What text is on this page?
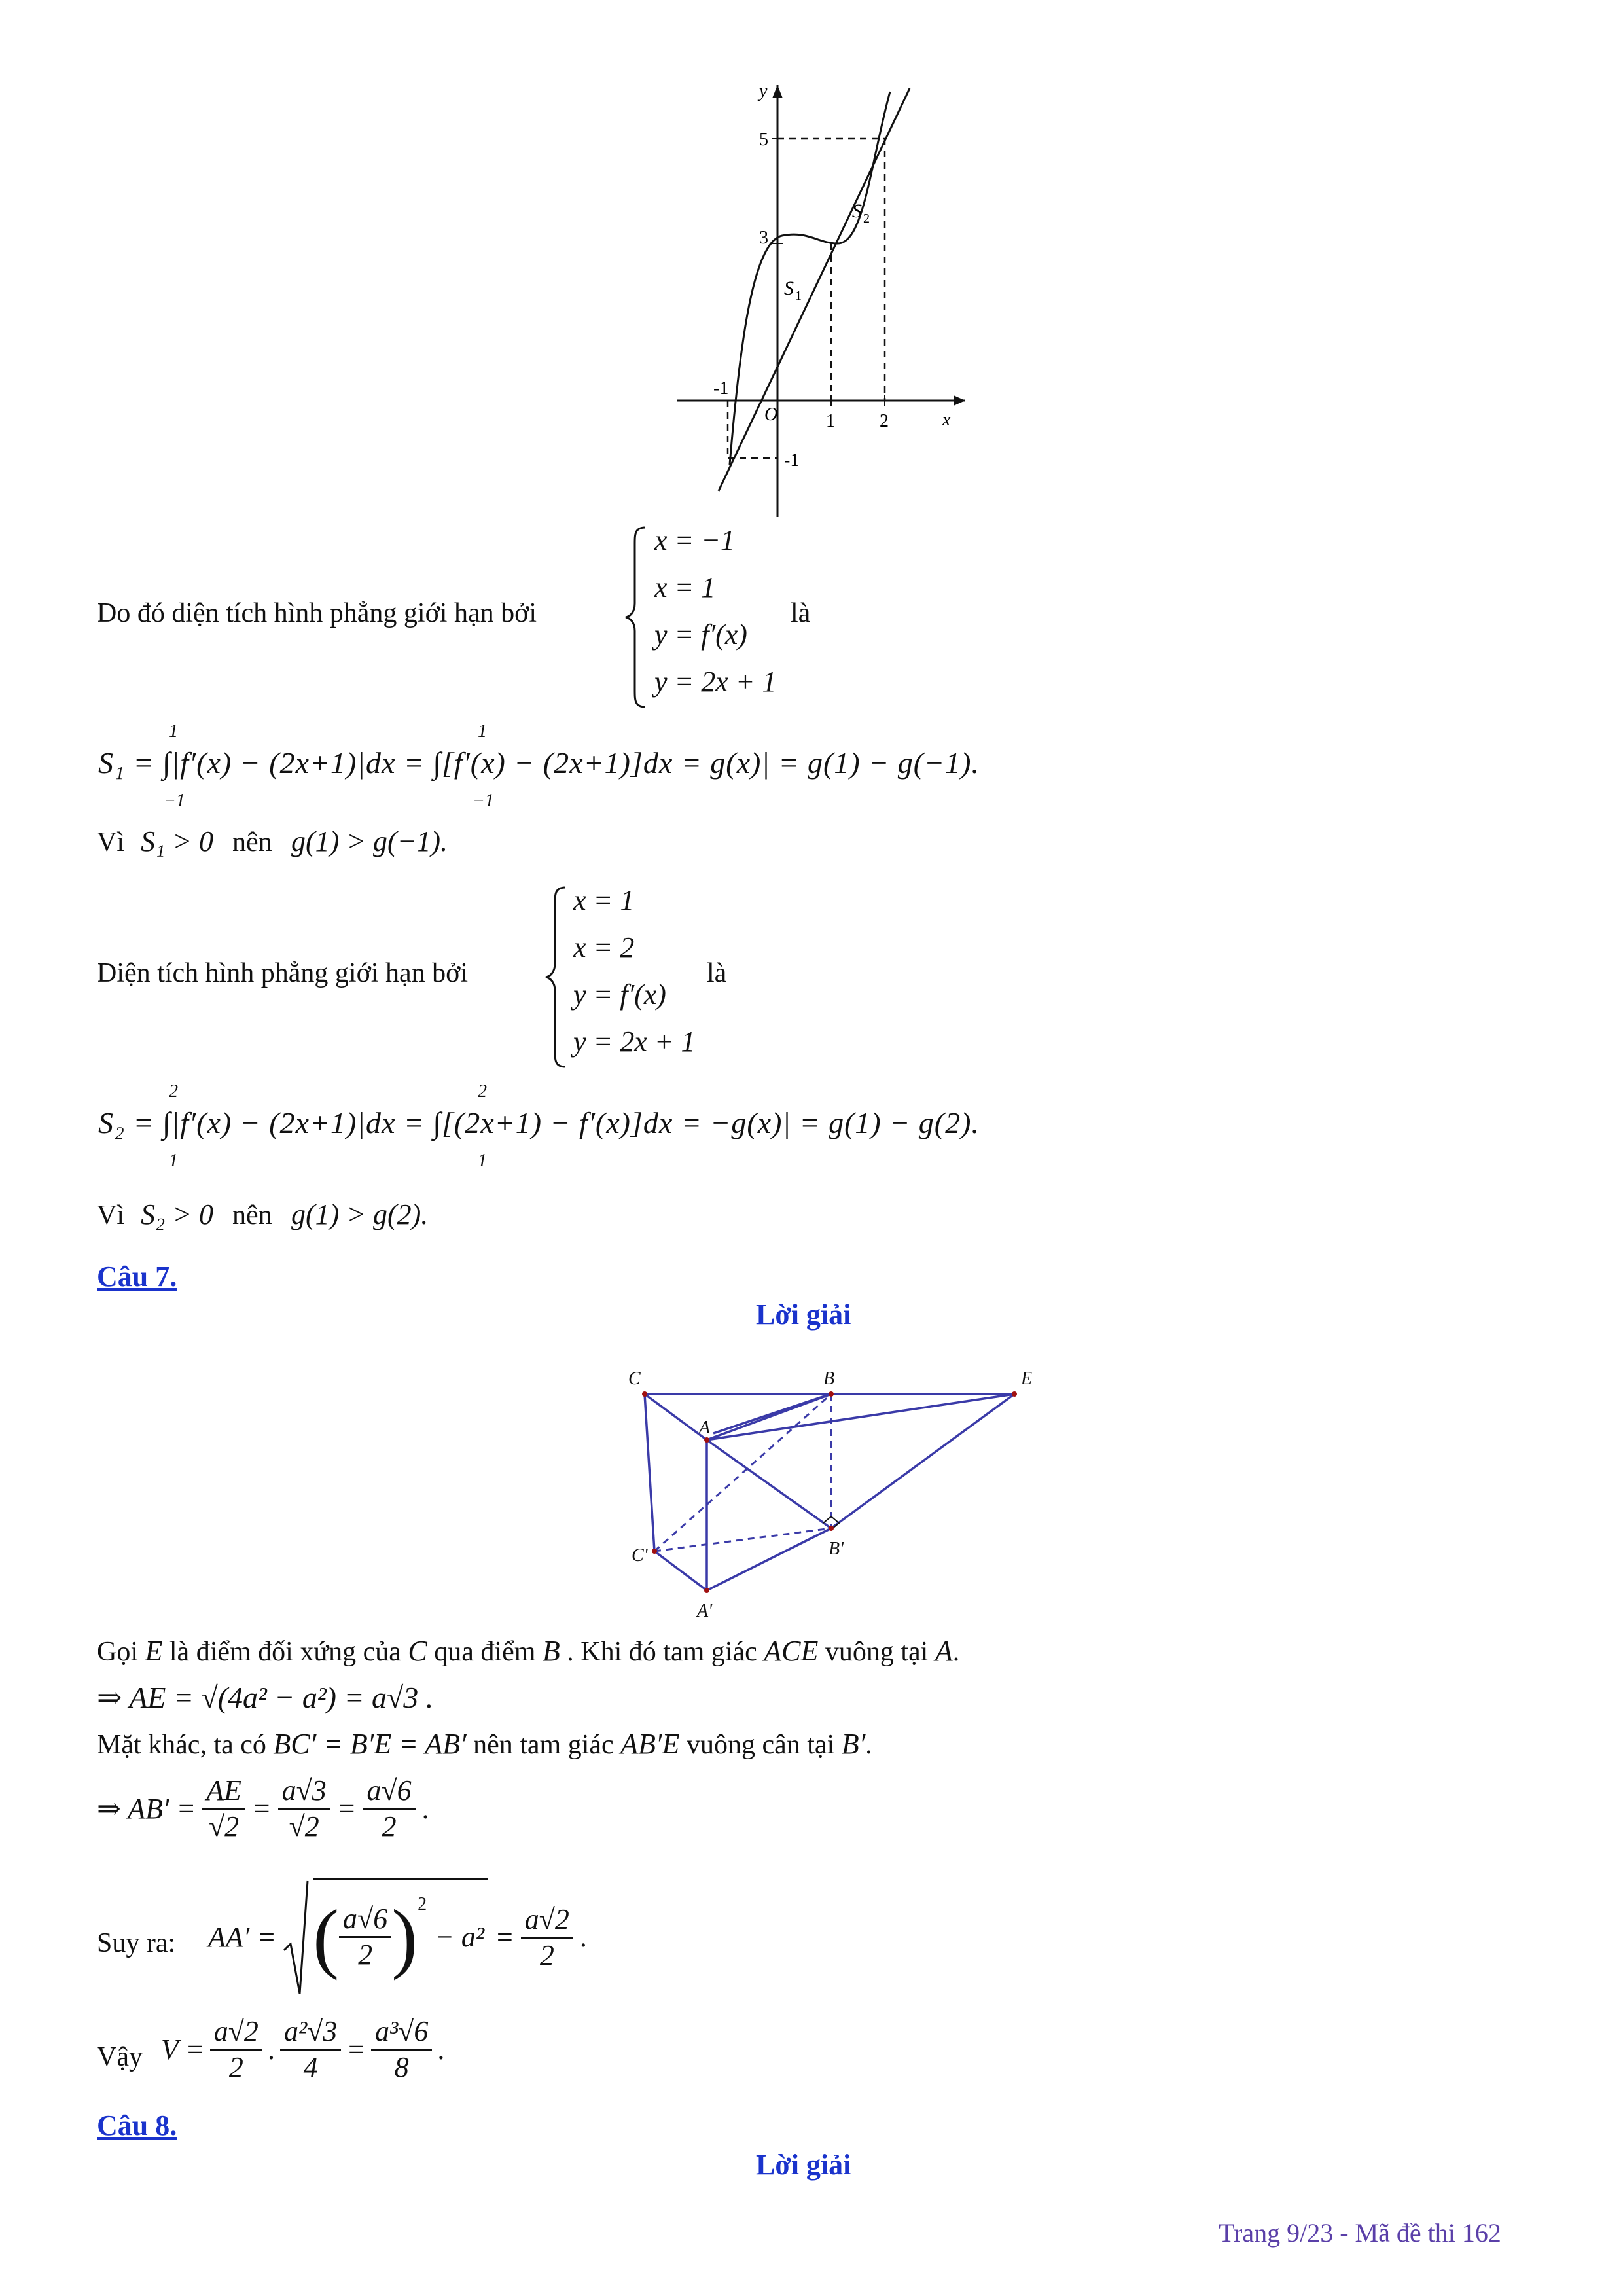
y
x
O
5
3
-1
-1
1 2
S 1
S 2
Do đó diện tích hình phẳng giới hạn bởi
x = −1
x = 1
y = f′(x)
y = 2x + 1
là
S₁ = ∫|f′(x) − (2x+1)|dx = ∫[f′(x) − (2x+1)]dx = g(x)| = g(1) − g(−1).
1
−1
1
−1
Vì S₁ > 0 nên g(1) > g(−1).
Diện tích hình phẳng giới hạn bởi
x = 1
x = 2
y = f′(x)
y = 2x + 1
là
S₂ = ∫|f′(x) − (2x+1)|dx = ∫[(2x+1) − f′(x)]dx = −g(x)| = g(1) − g(2).
2
1
2
1
Vì S₂ > 0 nên g(1) > g(2).
Câu 7.
Lời giải
C	B	E
A
C'	B'
A'
Gọi
E
là điểm đối xứng của
C
qua điểm
B
. Khi đó tam giác
ACE
vuông tại
A .
⇒ AE = √(4a² − a²) = a√3 .
Mặt khác, ta có
BC′ = B′E = AB′
nên tam giác
AB′E
vuông cân tại
B′ .
⇒ $AB' = \frac{AE}{√2} = \frac{a√3}{√2} = \frac{a√6}{2}$ .
Suy ra: AA′ = ( $\frac{a√6}{2} )^2$
− $a^2 = \frac{a√2}{2}$ .
Vậy $V = \frac{a√2}{2}$ . $\frac{\text{a²√3}}{4} = \frac{\text{a³√6}}{8}$ .
Câu 8.
Lời giải
Trang 9/23 - Mã đề thi 162
